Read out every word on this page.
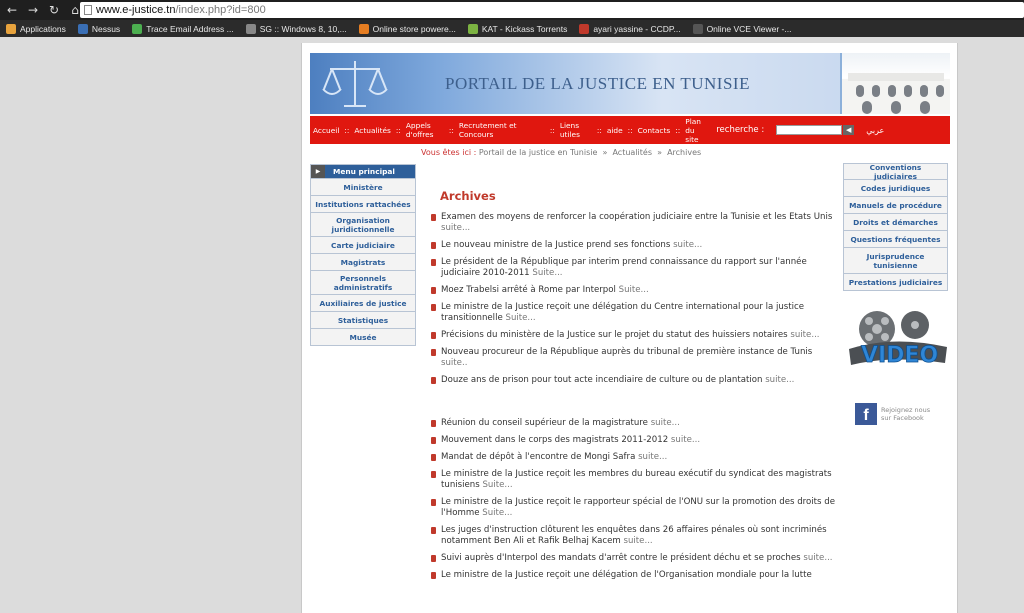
← → ↻	⌂	www.e-justice.tn /index.php?id=800
Applications	Nessus	Trace Email Address ...	SG :: Windows 8, 10,...	Online store powere...	KAT - Kickass Torrents	ayari yassine - CCDP...	Online VCE Viewer -...
PORTAIL DE LA JUSTICE EN TUNISIE
Accueil :: Actualités :: Appels d'offres	:: Recrutement et Concours	:: Liens utiles	:: aide :: Contacts ::
Plan du site
recherche :	◀	عربي
Vous êtes ici : Portail de la justice en Tunisie  »  Actualités  »  Archives
▶	Menu principal
Ministère
Institutions rattachées
Organisation juridictionnelle
Carte judiciaire
Magistrats
Personnels administratifs
Auxiliaires de justice
Statistiques
Musée
Conventions judiciaires
Codes juridiques
Manuels de procédure
Droits et démarches
Questions fréquentes
Jurisprudence tunisienne
Prestations judiciaires
VIDEO
f	Rejoignez nous
sur Facebook
Archives
Examen des moyens de renforcer la coopération judiciaire entre la Tunisie et les Etats Unis suite...
Le nouveau ministre de la Justice prend ses fonctions suite...
Le président de la République par interim prend connaissance du rapport sur l'année judiciaire 2010-2011 Suite...
Moez Trabelsi arrêté à Rome par Interpol Suite...
Le ministre de la Justice reçoit une délégation du Centre international pour la justice transitionnelle Suite...
Précisions du ministère de la Justice sur le projet du statut des huissiers notaires suite...
Nouveau procureur de la République auprès du tribunal de première instance de Tunis suite..
Douze ans de prison pour tout acte incendiaire de culture ou de plantation suite...
Réunion du conseil supérieur de la magistrature suite...
Mouvement dans le corps des magistrats 2011-2012 suite...
Mandat de dépôt à l'encontre de Mongi Safra suite...
Le ministre de la Justice reçoit les membres du bureau exécutif du syndicat des magistrats tunisiens Suite...
Le ministre de la Justice reçoit le rapporteur spécial de l'ONU sur la promotion des droits de l'Homme Suite...
Les juges d'instruction clôturent les enquêtes dans 26 affaires pénales où sont incriminés notamment Ben Ali et Rafik Belhaj Kacem suite...
Suivi auprès d'Interpol des mandats d'arrêt contre le président déchu et se proches suite...
Le ministre de la Justice reçoit une délégation de l'Organisation mondiale pour la lutte
